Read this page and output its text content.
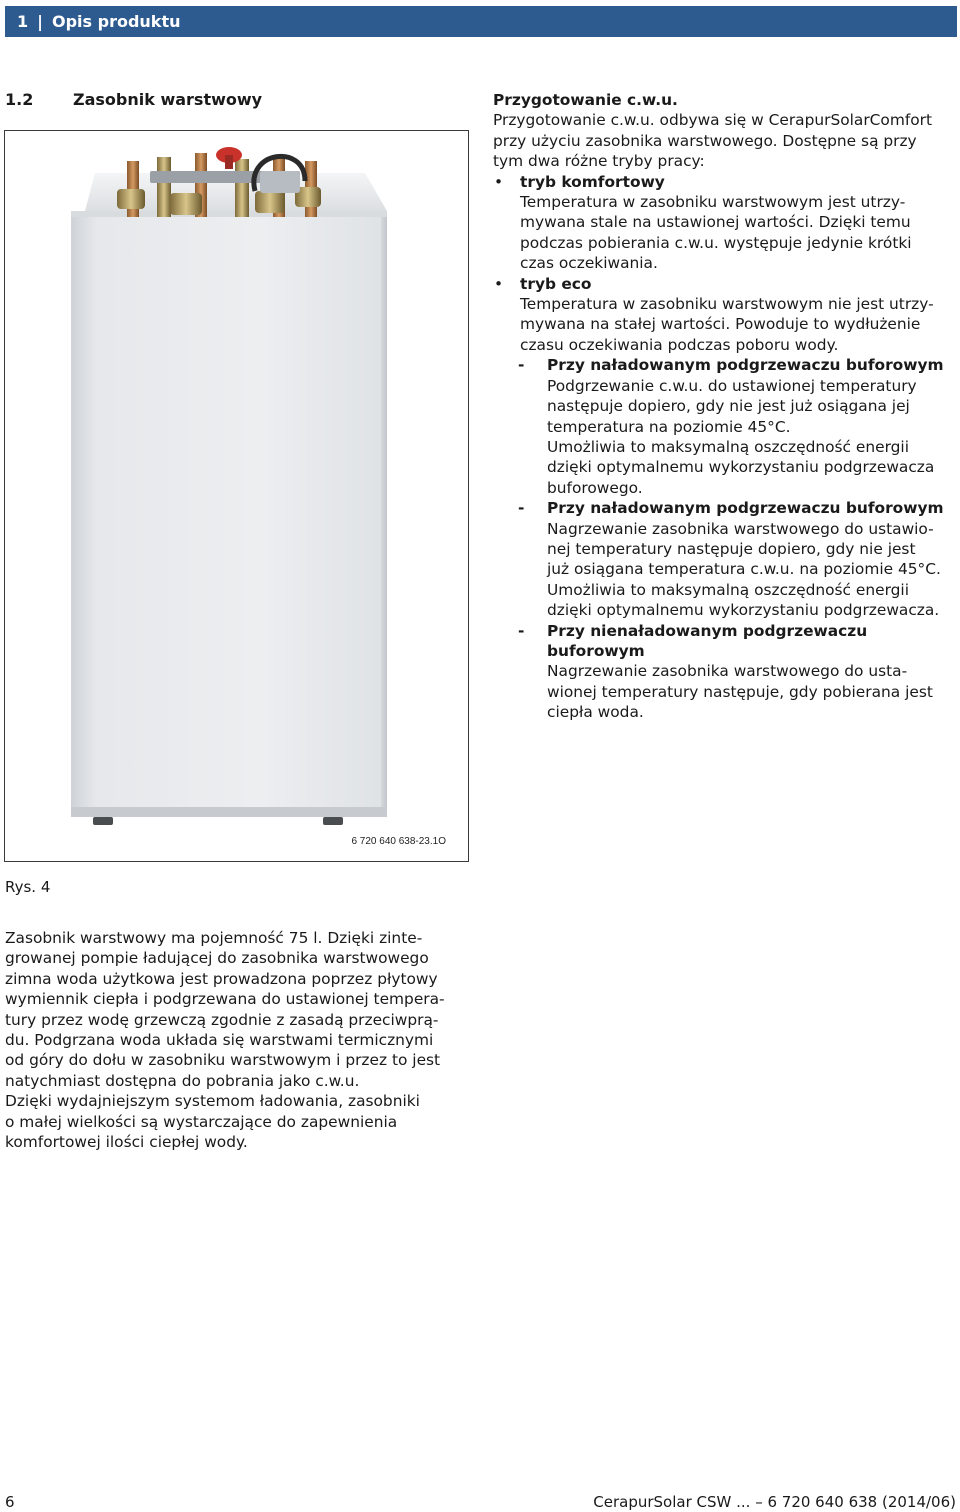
1 | Opis produktu
1.2 Zasobnik warstwowy
6 720 640 638-23.1O
Rys. 4

Zasobnik warstwowy ma pojemność 75 l. Dzięki zinte-

growanej pompie ładującej do zasobnika warstwowego

zimna woda użytkowa jest prowadzona poprzez płytowy

wymiennik ciepła i podgrzewana do ustawionej tempera-

tury przez wodę grzewczą zgodnie z zasadą przeciwprą-

du. Podgrzana woda układa się warstwami termicznymi

od góry do dołu w zasobniku warstwowym i przez to jest

natychmiast dostępna do pobrania jako c.w.u.

Dzięki wydajniejszym systemom ładowania, zasobniki

o małej wielkości są wystarczające do zapewnienia

komfortowej ilości ciepłej wody.

Przygotowanie c.w.u.

Przygotowanie c.w.u. odbywa się w CerapurSolarComfort

przy użyciu zasobnika warstwowego. Dostępne są przy

tym dwa różne tryby pracy:

• tryb komfortowy

Temperatura w zasobniku warstwowym jest utrzy-

mywana stale na ustawionej wartości. Dzięki temu

podczas pobierania c.w.u. występuje jedynie krótki

czas oczekiwania.

• tryb eco

Temperatura w zasobniku warstwowym nie jest utrzy-

mywana na stałej wartości. Powoduje to wydłużenie

czasu oczekiwania podczas poboru wody.

- Przy naładowanym podgrzewaczu buforowym

Podgrzewanie c.w.u. do ustawionej temperatury

następuje dopiero, gdy nie jest już osiągana jej

temperatura na poziomie 45°C.

Umożliwia to maksymalną oszczędność energii

dzięki optymalnemu wykorzystaniu podgrzewacza

buforowego.

- Przy naładowanym podgrzewaczu buforowym

Nagrzewanie zasobnika warstwowego do ustawio-

nej temperatury następuje dopiero, gdy nie jest

już osiągana temperatura c.w.u. na poziomie 45°C.

Umożliwia to maksymalną oszczędność energii

dzięki optymalnemu wykorzystaniu podgrzewacza.

- Przy nienaładowanym podgrzewaczu buforowym

Nagrzewanie zasobnika warstwowego do usta-

wionej temperatury następuje, gdy pobierana jest

ciepła woda.

6	CerapurSolar CSW ... – 6 720 640 638 (2014/06)
